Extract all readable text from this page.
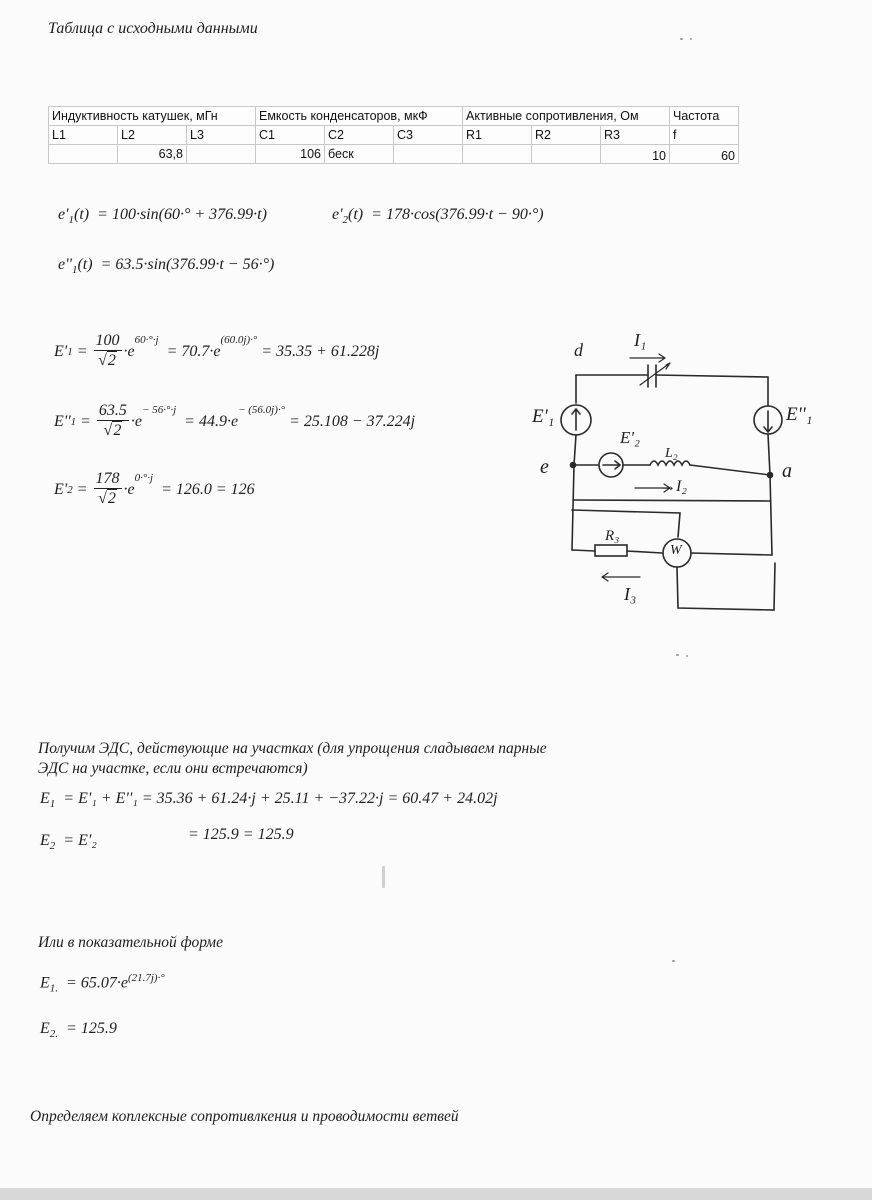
Таблица с исходными данными
Индуктивность катушек, мГн			Емкость конденсаторов, мкФ			Активные сопротивления, Ом			Частота
L1	L2	L3	C1	C2	C3	R1	R2	R3	f
	63,8		106	беск				10	60
$e'_1(t) = 100\cdot\sin(60\cdot^\circ + 376.99\cdot t)$	$e'_2(t) = 178\cdot\cos(376.99\cdot t - 90\cdot^\circ)$
$e''_1(t) = 63.5\cdot\sin(376.99\cdot t - 56\cdot^\circ)$
E' $1 = \frac{100}{√2} \cdot e$
$^{60\cdot^\circ\cdot j}$

= 70.7·e
$^{(60.0j)\cdot^\circ}$

= 35.35 + 61.228j
E'' $1 = \frac{63.5}{√2} \cdot e$
$^{- 56\cdot^\circ\cdot j}$

= 44.9·e
$^{- (56.0j)\cdot^\circ}$

= 25.108 − 37.224j
E' $2 = \frac{178}{√2} \cdot e$
$^{0\cdot^\circ\cdot j}$

= 126.0
= 126
d	I₁
E'₁	E''₁
E'₂
L₂
e	a
→I₂
R₃
W
I₃
Получим ЭДС, действующие на участках (для упрощения сладываем парные
ЭДС на участке, если они встречаются)
$E_1 = E'_1 + E''_1 = 35.36 + 61.24\cdot j + 25.11 + -37.22\cdot j = 60.47 + 24.02j$
$E_2 = E'_2$	= 125.9 = 125.9
Или в показательной форме
$E_{1.} = 65.07\cdot e^{(21.7j)\cdot^\circ}$
$E_{2.} = 125.9$
Определяем коплексные сопротивлкения и проводимости ветвей
